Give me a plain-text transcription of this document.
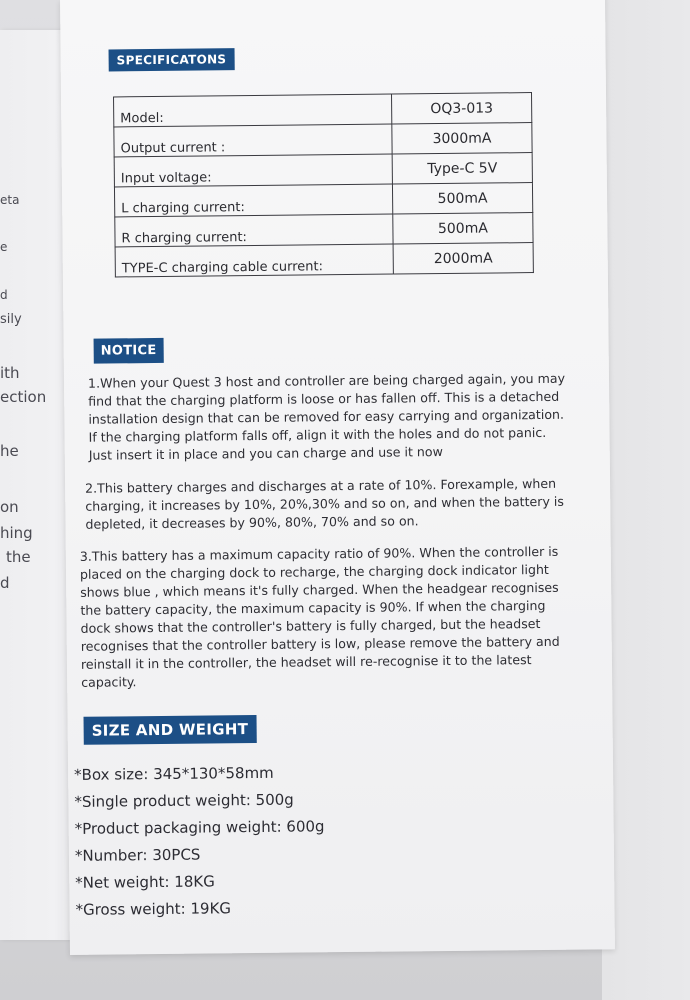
eta
e
d
sily
ith
ection
he
on
hing
the
d
SPECIFICATONS
Model:	OQ3-013
Output current :	3000mA
Input voltage:	Type-C 5V
L charging current:	500mA
R charging current:	500mA
TYPE-C charging cable current:	2000mA
NOTICE
1.When your Quest 3 host and controller are being charged again, you may find that the charging platform is loose or has fallen off. This is a detached installation design that can be removed for easy carrying and organization. If the charging platform falls off, align it with the holes and do not panic. Just insert it in place and you can charge and use it now
2.This battery charges and discharges at a rate of 10%. Forexample, when charging, it increases by 10%, 20%,30% and so on, and when the battery is depleted, it decreases by 90%, 80%, 70% and so on.
3.This battery has a maximum capacity ratio of 90%. When the controller is placed on the charging dock to recharge, the charging dock indicator light shows blue , which means it's fully charged. When the headgear recognises the battery capacity, the maximum capacity is 90%. If when the charging dock shows that the controller's battery is fully charged, but the headset recognises that the controller battery is low, please remove the battery and reinstall it in the controller, the headset will re-recognise it to the latest capacity.
SIZE AND WEIGHT
*Box size: 345*130*58mm
*Single product weight: 500g
*Product packaging weight: 600g
*Number: 30PCS
*Net weight: 18KG
*Gross weight: 19KG
